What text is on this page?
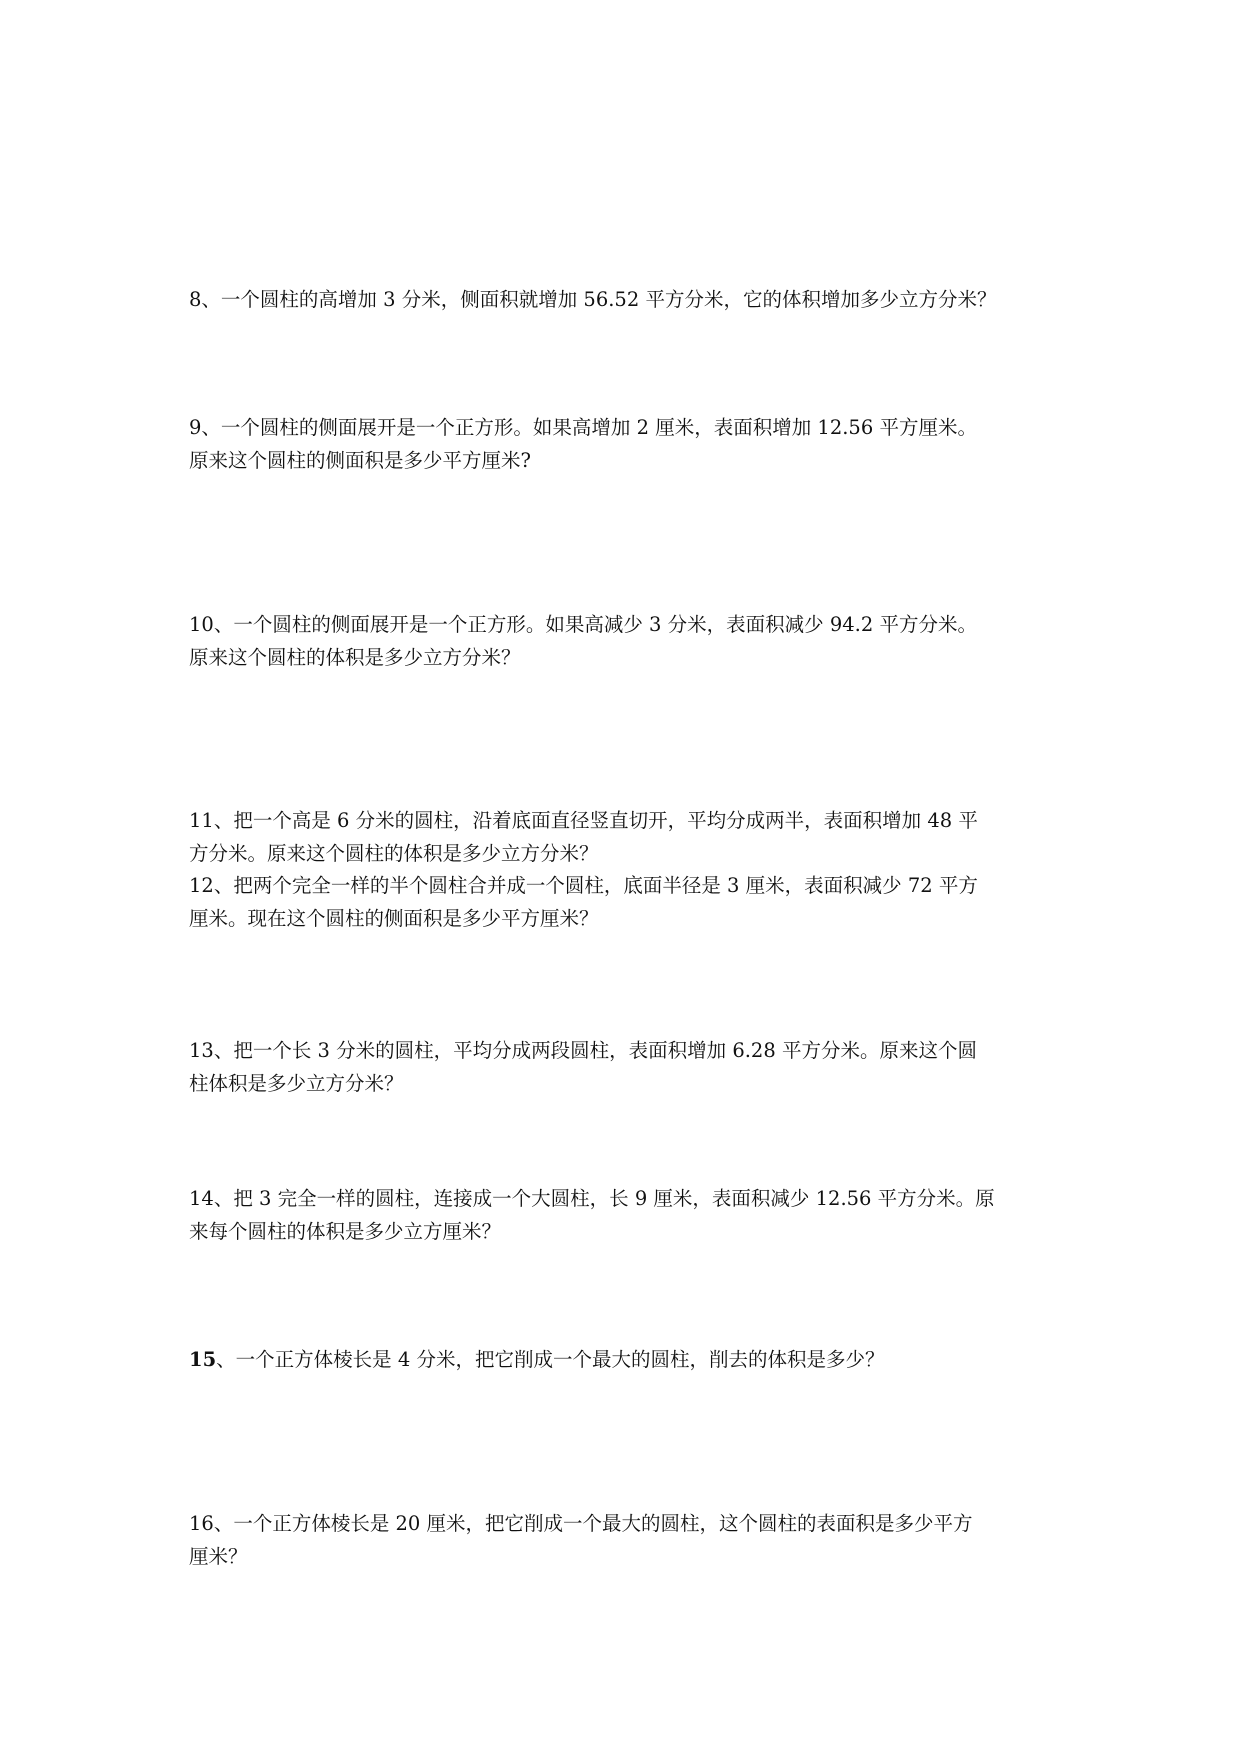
8、一个圆柱的高增加 3 分米，侧面积就增加 56.52 平方分米，它的体积增加多少立方分米？

9、一个圆柱的侧面展开是一个正方形。如果高增加 2 厘米，表面积增加 12.56 平方厘米。
原来这个圆柱的侧面积是多少平方厘米?

10、一个圆柱的侧面展开是一个正方形。如果高减少 3 分米，表面积减少 94.2 平方分米。
原来这个圆柱的体积是多少立方分米？

11、把一个高是 6 分米的圆柱，沿着底面直径竖直切开，平均分成两半，表面积增加 48 平
方分米。原来这个圆柱的体积是多少立方分米？

12、把两个完全一样的半个圆柱合并成一个圆柱，底面半径是 3 厘米，表面积减少 72 平方
厘米。现在这个圆柱的侧面积是多少平方厘米？

13、把一个长 3 分米的圆柱，平均分成两段圆柱，表面积增加 6.28 平方分米。原来这个圆
柱体积是多少立方分米？

14、把 3 完全一样的圆柱，连接成一个大圆柱，长 9 厘米，表面积减少 12.56 平方分米。原
来每个圆柱的体积是多少立方厘米？

15、一个正方体棱长是 4 分米，把它削成一个最大的圆柱，削去的体积是多少？

16、一个正方体棱长是 20 厘米，把它削成一个最大的圆柱，这个圆柱的表面积是多少平方
厘米？
